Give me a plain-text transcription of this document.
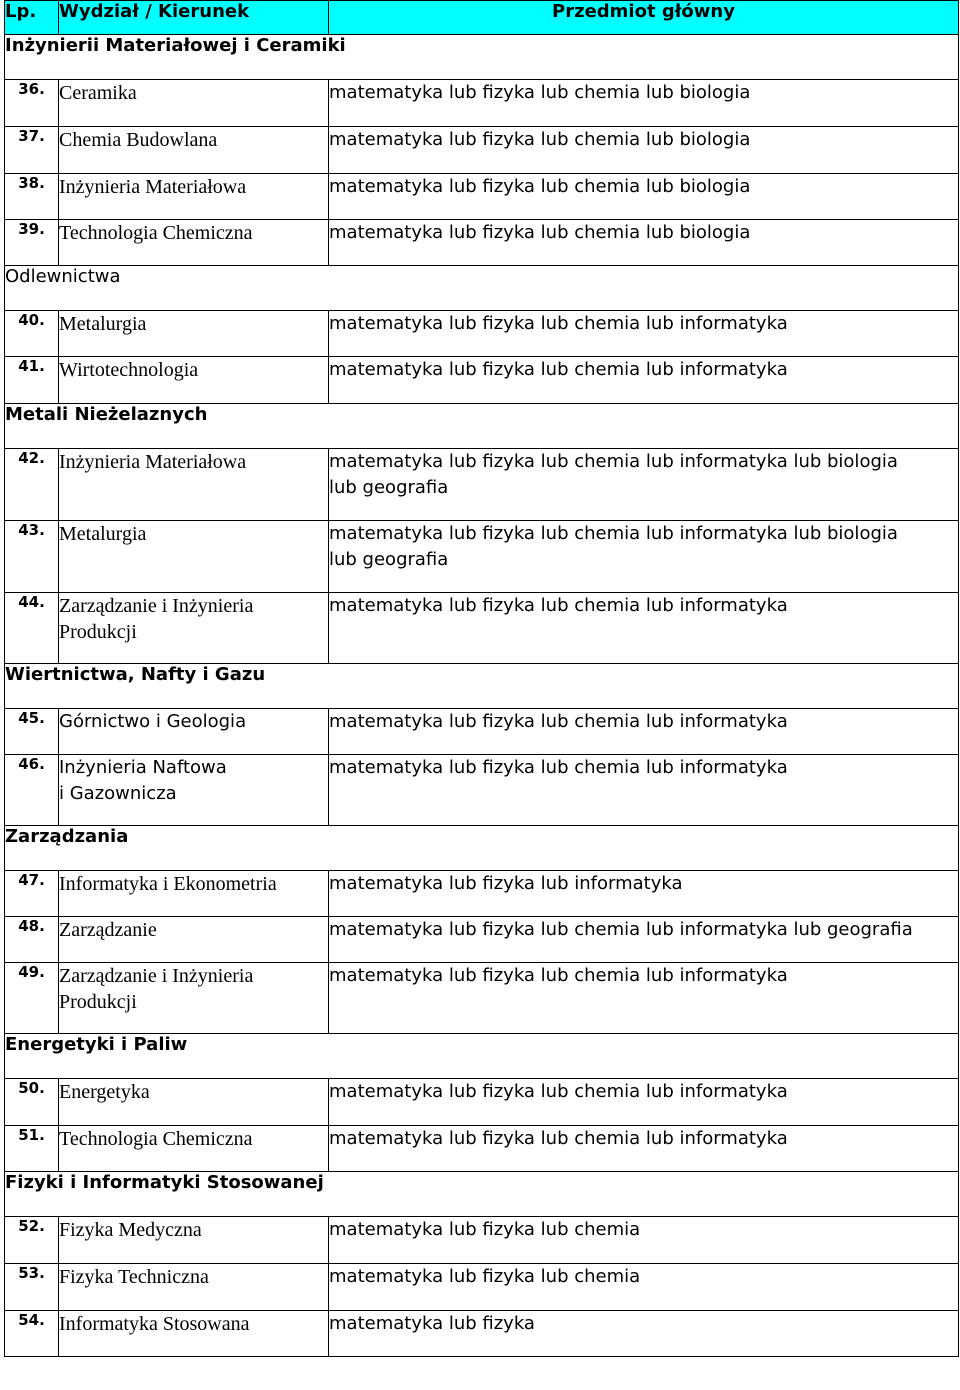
Lp.	Wydział / Kierunek	Przedmiot główny
Inżynierii Materiałowej i Ceramiki		
36.	Ceramika	matematyka lub fizyka lub chemia lub biologia

37.	Chemia Budowlana	matematyka lub fizyka lub chemia lub biologia

38.	Inżynieria Materiałowa	matematyka lub fizyka lub chemia lub biologia

39.	Technologia Chemiczna	matematyka lub fizyka lub chemia lub biologia

Odlewnictwa		
40.	Metalurgia	matematyka lub fizyka lub chemia lub informatyka

41.	Wirtotechnologia	matematyka lub fizyka lub chemia lub informatyka

Metali Nieżelaznych		
42.	Inżynieria Materiałowa	matematyka lub fizyka lub chemia lub informatyka lub biologia
lub geografia

43.	Metalurgia	matematyka lub fizyka lub chemia lub informatyka lub biologia
lub geografia

44.	Zarządzanie i Inżynieria
Produkcji	matematyka lub fizyka lub chemia lub informatyka

Wiertnictwa, Nafty i Gazu		
45.	Górnictwo i Geologia	matematyka lub fizyka lub chemia lub informatyka

46.	Inżynieria Naftowa
i Gazownicza	matematyka lub fizyka lub chemia lub informatyka

Zarządzania		
47.	Informatyka i Ekonometria	matematyka lub fizyka lub informatyka

48.	Zarządzanie	matematyka lub fizyka lub chemia lub informatyka lub geografia

49.	Zarządzanie i Inżynieria
Produkcji	matematyka lub fizyka lub chemia lub informatyka

Energetyki i Paliw		
50.	Energetyka	matematyka lub fizyka lub chemia lub informatyka

51.	Technologia Chemiczna	matematyka lub fizyka lub chemia lub informatyka

Fizyki i Informatyki Stosowanej		
52.	Fizyka Medyczna	matematyka lub fizyka lub chemia

53.	Fizyka Techniczna	matematyka lub fizyka lub chemia

54.	Informatyka Stosowana	matematyka lub fizyka
